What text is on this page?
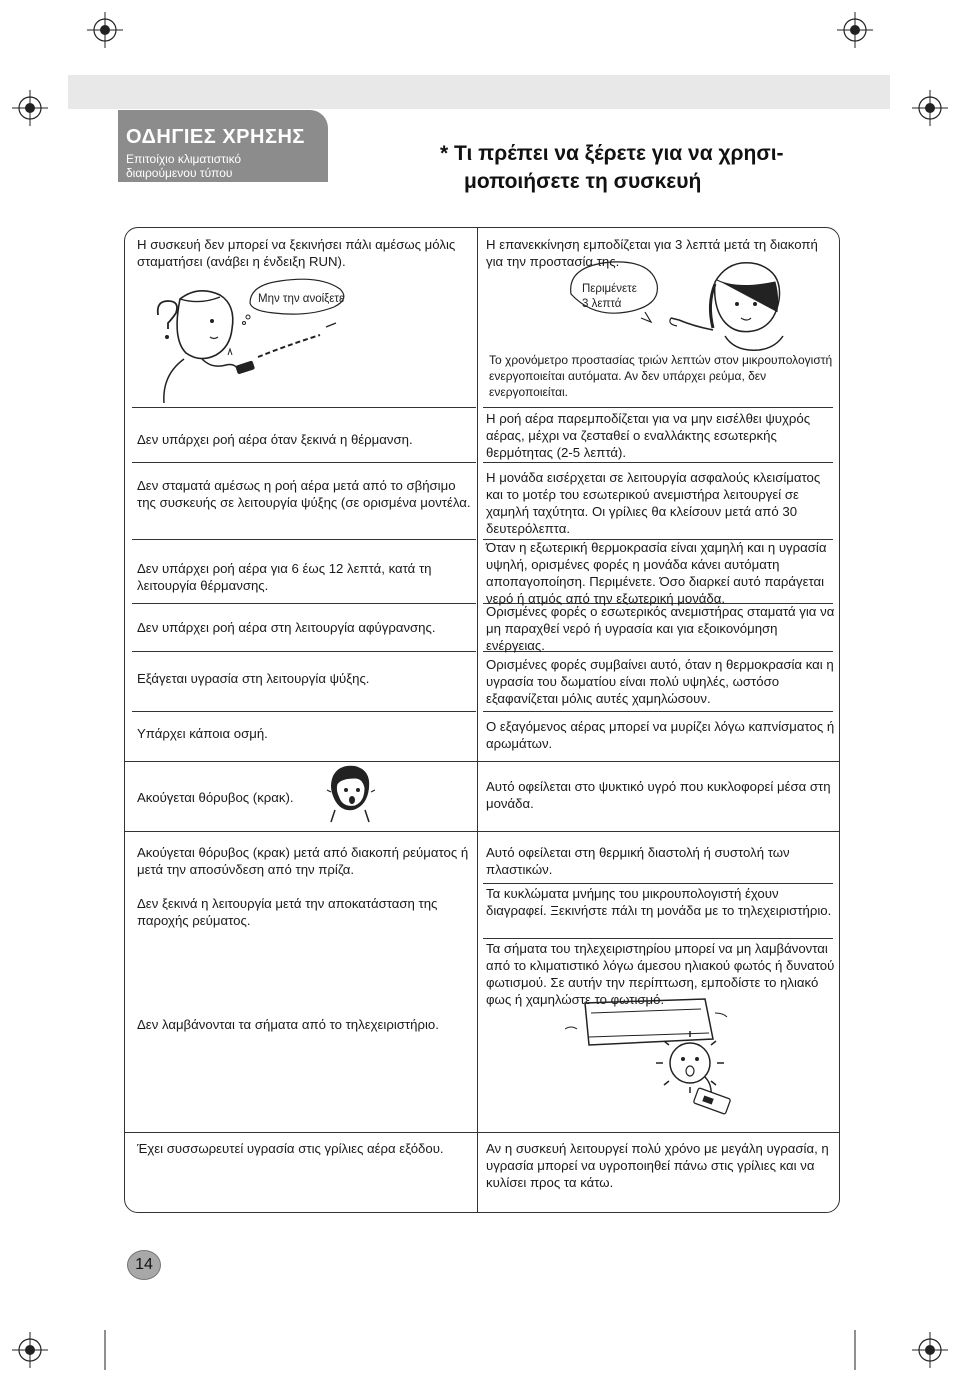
ΟΔΗΓΙΕΣ ΧΡΗΣΗΣ
Επιτοίχιο κλιματιστικό
διαιρούμενου τύπου
* Τι πρέπει να ξέρετε για να χρησι-
μοποιήσετε τη συσκευή
Η συσκευή δεν μπορεί να ξεκινήσει πάλι αμέσως μόλις σταματήσει (ανάβει η ένδειξη RUN).
Η επανεκκίνηση εμποδίζεται για 3 λεπτά μετά τη διακοπή για την προστασία της.
Το χρονόμετρο προστασίας τριών λεπτών στον μικρουπολογιστή ενεργοποιείται αυτόματα. Αν δεν υπάρχει ρεύμα, δεν ενεργοποιείται.
Δεν υπάρχει ροή αέρα όταν ξεκινά η θέρμανση.
Η ροή αέρα παρεμποδίζεται για να μην εισέλθει ψυχρός αέρας, μέχρι να ζεσταθεί ο εναλλάκτης εσωτερκής θερμότητας (2-5 λεπτά).
Δεν σταματά αμέσως η ροή αέρα μετά από το σβήσιμο της συσκευής σε λειτουργία ψύξης (σε ορισμένα μοντέλα.
Η μονάδα εισέρχεται σε λειτουργία ασφαλούς κλεισίματος και το μοτέρ του εσωτερικού ανεμιστήρα λειτουργεί σε χαμηλή ταχύτητα. Οι γρίλιες θα κλείσουν μετά από 30 δευτερόλεπτα.
Δεν υπάρχει ροή αέρα για 6 έως 12 λεπτά, κατά τη λειτουργία θέρμανσης.
Όταν η εξωτερική θερμοκρασία είναι χαμηλή και η υγρασία υψηλή, ορισμένες φορές η μονάδα κάνει αυτόματη αποπαγοποίηση. Περιμένετε. Όσο διαρκεί αυτό παράγεται νερό ή ατμός από την εξωτερική μονάδα.
Δεν υπάρχει ροή αέρα στη λειτουργία αφύγρανσης.
Ορισμένες φορές ο εσωτερικός ανεμιστήρας σταματά για να μη παραχθεί νερό ή υγρασία και για εξοικονόμηση ενέργειας.
Εξάγεται υγρασία στη λειτουργία ψύξης.
Ορισμένες φορές συμβαίνει αυτό, όταν η θερμοκρασία και η υγρασία του δωματίου είναι πολύ υψηλές, ωστόσο εξαφανίζεται μόλις αυτές χαμηλώσουν.
Υπάρχει κάποια οσμή.	Ο εξαγόμενος αέρας μπορεί να μυρίζει λόγω καπνίσματος ή αρωμάτων.
Ακούγεται θόρυβος (κρακ).
Αυτό οφείλεται στο ψυκτικό υγρό που κυκλοφορεί μέσα στη μονάδα.
Ακούγεται θόρυβος (κρακ) μετά από διακοπή ρεύματος ή μετά την αποσύνδεση από την πρίζα.
Αυτό οφείλεται στη θερμική διαστολή ή συστολή των πλαστικών.
Δεν ξεκινά η λειτουργία μετά την αποκατάσταση της παροχής ρεύματος.
Τα κυκλώματα μνήμης του μικρουπολογιστή έχουν διαγραφεί. Ξεκινήστε πάλι τη μονάδα με το τηλεχειριστήριο.
Δεν λαμβάνονται τα σήματα από το τηλεχειριστήριο.
Τα σήματα του τηλεχειριστηρίου μπορεί να μη λαμβάνονται από το κλιματιστικό λόγω άμεσου ηλιακού φωτός ή δυνατού φωτισμού. Σε αυτήν την περίπτωση, εμποδίστε το ηλιακό φως ή χαμηλώστε το φωτισμό.
Έχει συσσωρευτεί υγρασία στις γρίλιες αέρα εξόδου.	Αν η συσκευή λειτουργεί πολύ χρόνο με μεγάλη υγρασία, η υγρασία μπορεί να υγροποιηθεί πάνω στις γρίλιες και να κυλίσει προς τα κάτω.
Μην την ανοίξετε
Περιμένετε
3 λεπτά
14
